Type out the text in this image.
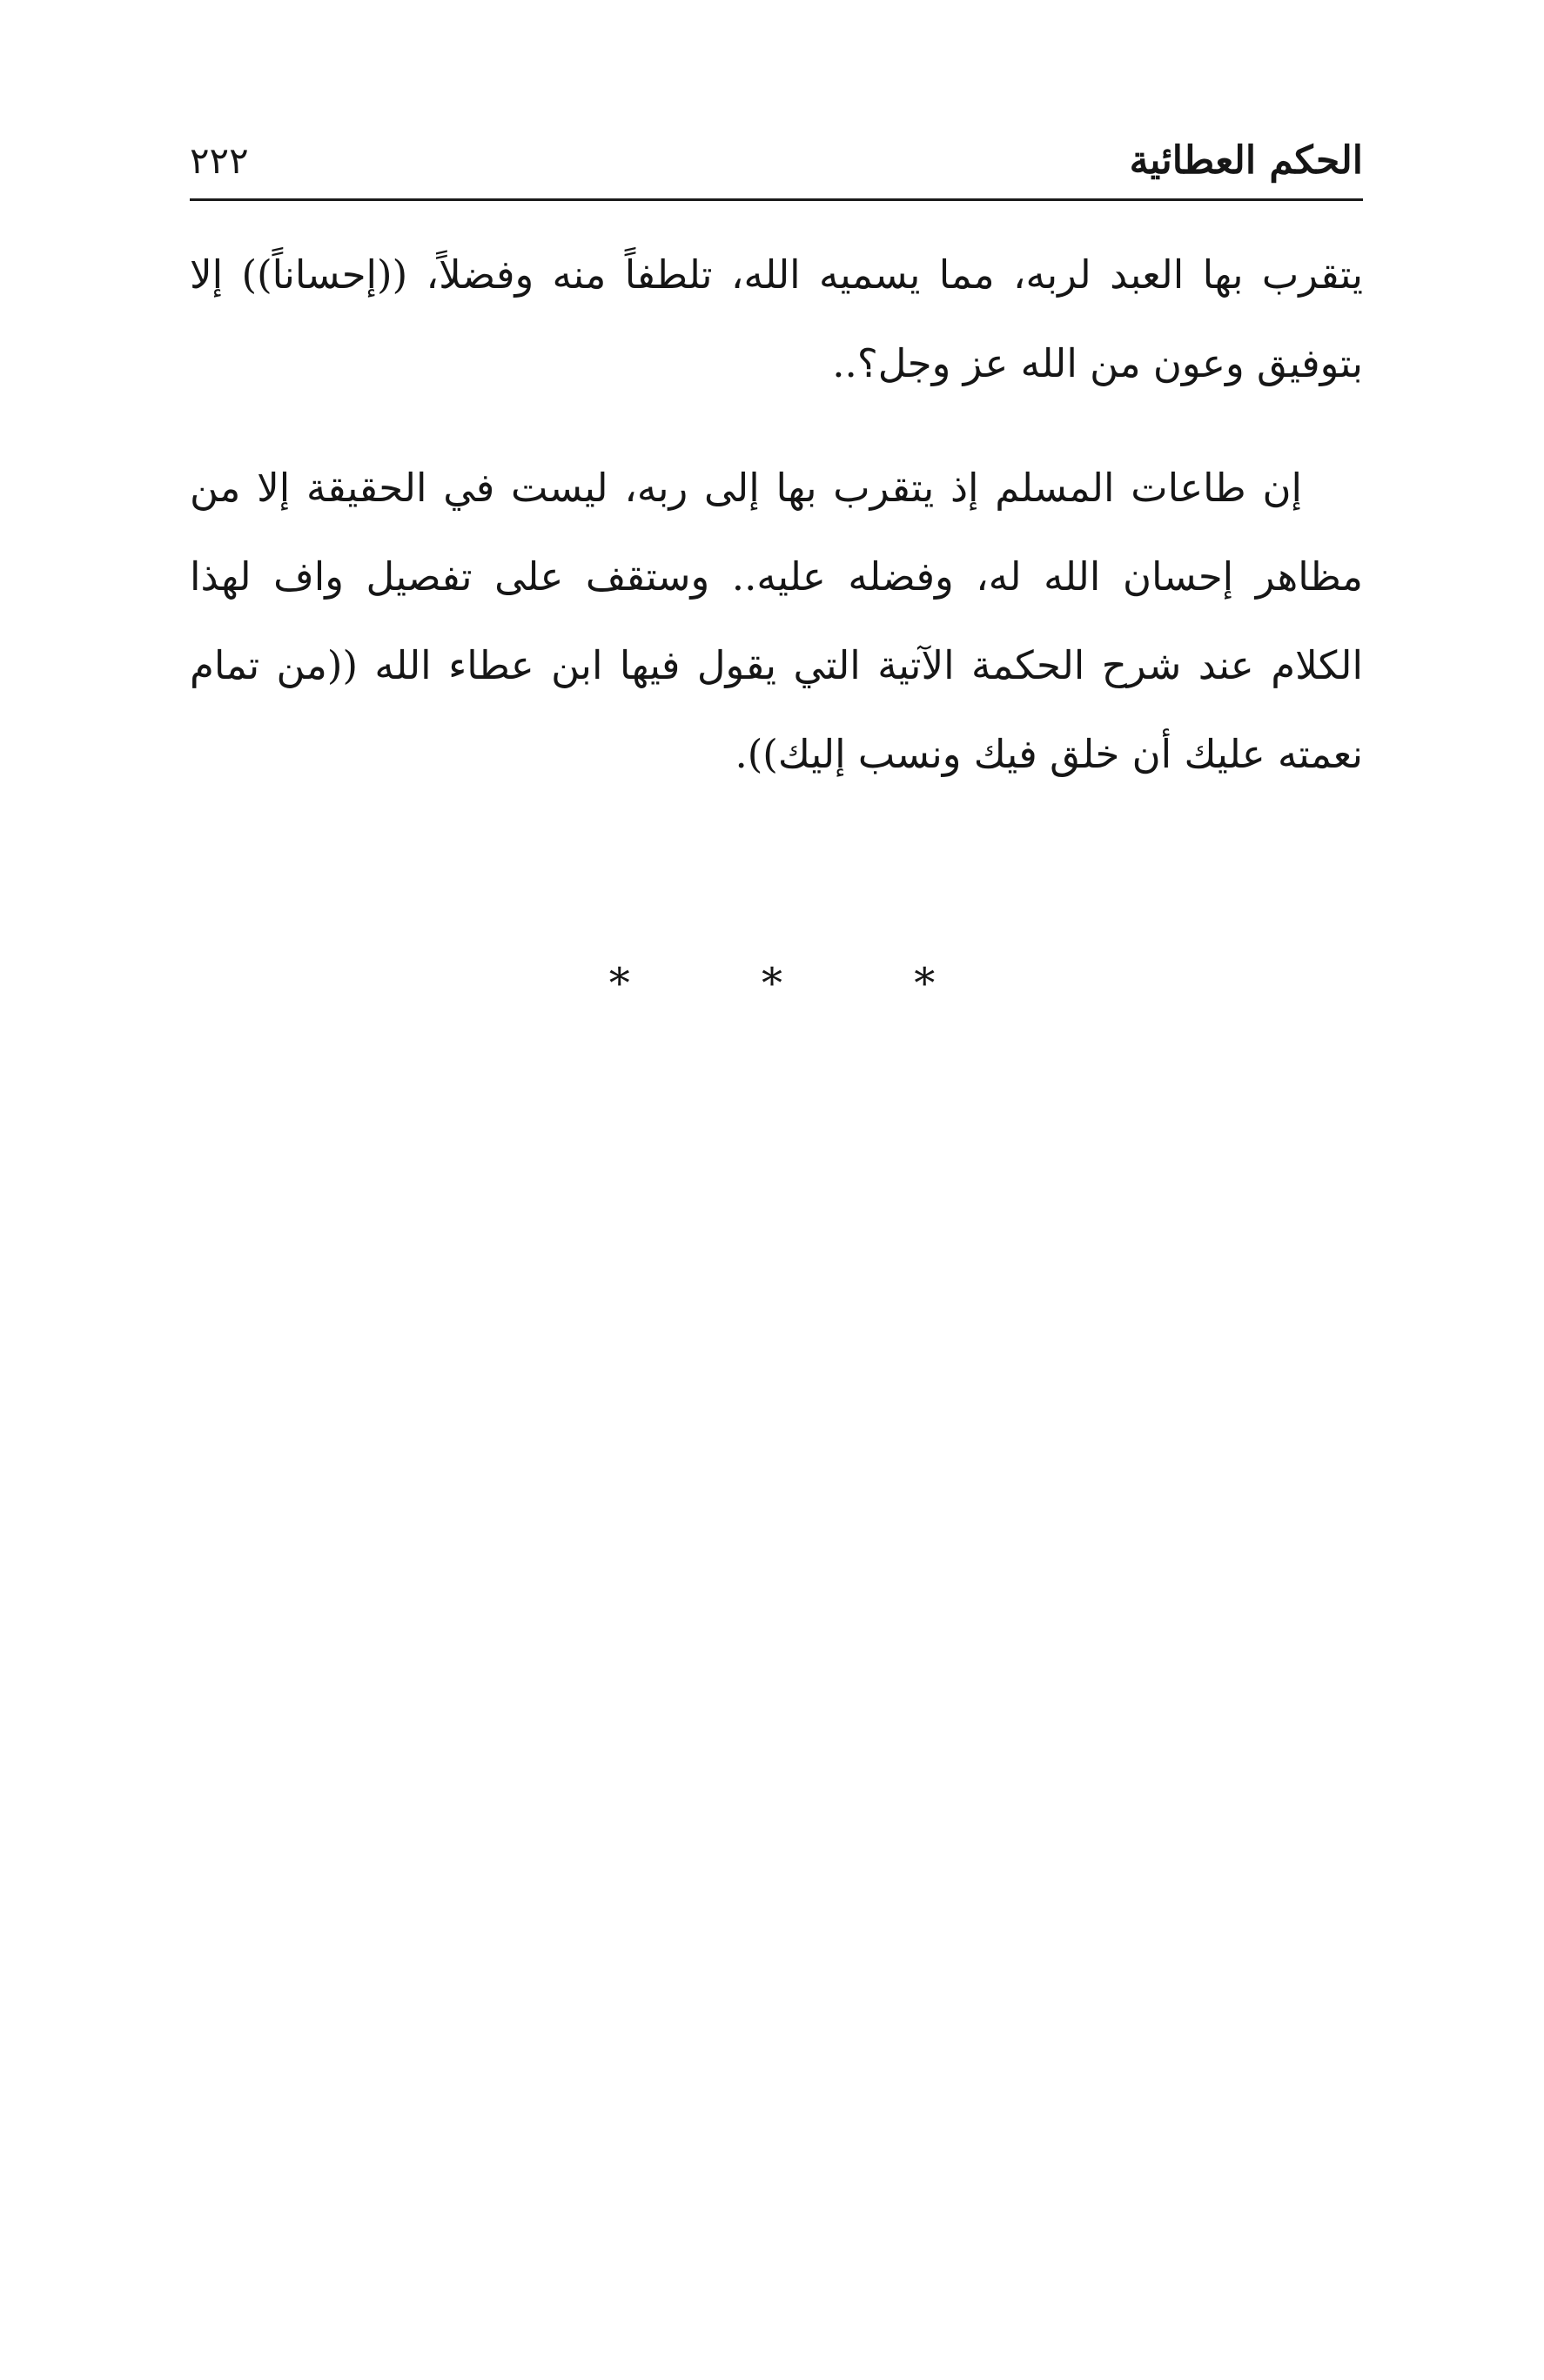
الحكم العطائية
٢٢٢

يتقرب بها العبد لربه، مما يسميه الله، تلطفاً منه وفضلاً، ((إحساناً)) إلا بتوفيق وعون من الله عز وجل؟..

إن طاعات المسلم إذ يتقرب بها إلى ربه، ليست في الحقيقة إلا من مظاهر إحسان الله له، وفضله عليه.. وستقف على تفصيل واف لهذا الكلام عند شرح الحكمة الآتية التي يقول فيها ابن عطاء الله ((من تمام نعمته عليك أن خلق فيك ونسب إليك)).

* * *
